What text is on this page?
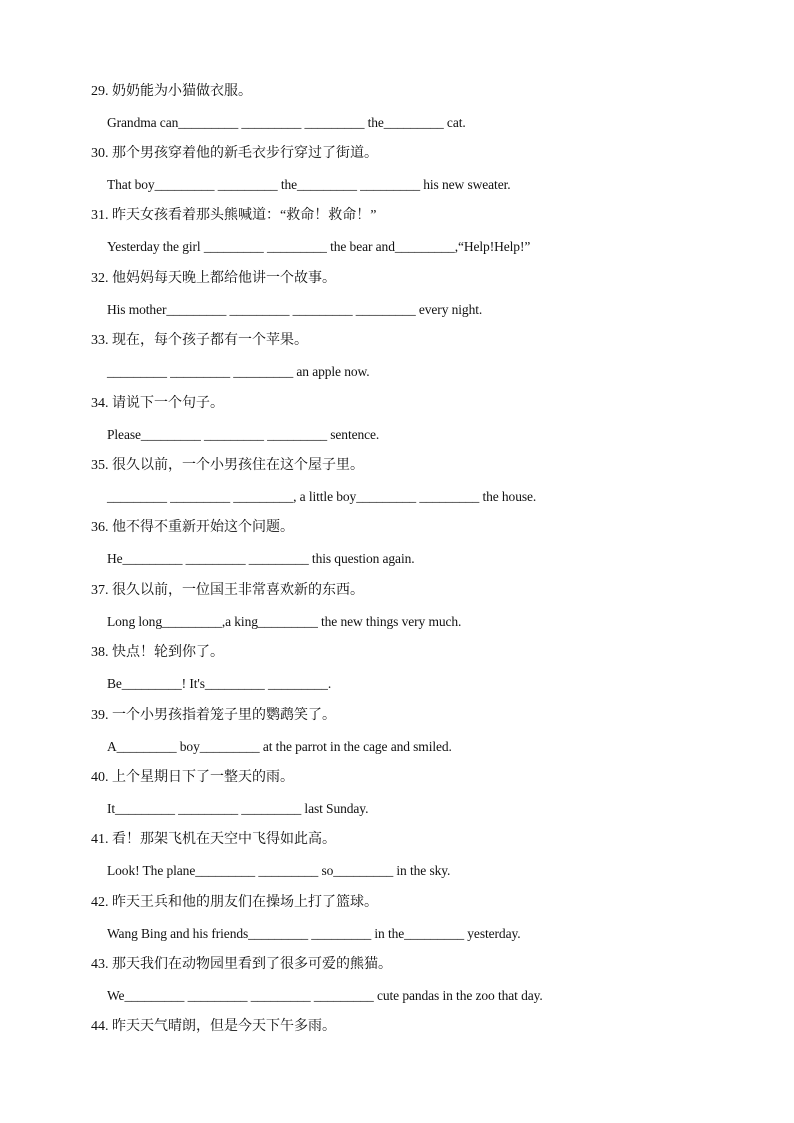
29. 奶奶能为小猫做衣服。
Grandma can_________ _________ _________ the_________ cat.
30. 那个男孩穿着他的新毛衣步行穿过了街道。
That boy_________ _________ the_________ _________ his new sweater.
31. 昨天女孩看着那头熊喊道：“救命！救命！”
Yesterday the girl _________ _________ the bear and_________,“Help!Help!”
32. 他妈妈每天晚上都给他讲一个故事。
His mother_________ _________ _________ _________ every night.
33. 现在，每个孩子都有一个苹果。
_________ _________ _________ an apple now.
34. 请说下一个句子。
Please_________ _________ _________ sentence.
35. 很久以前，一个小男孩住在这个屋子里。
_________ _________ _________, a little boy_________ _________ the house.
36. 他不得不重新开始这个问题。
He_________ _________ _________ this question again.
37. 很久以前，一位国王非常喜欢新的东西。
Long long_________,a king_________ the new things very much.
38. 快点！轮到你了。
Be_________! It's_________ _________.
39. 一个小男孩指着笼子里的鹦鹉笑了。
A_________ boy_________ at the parrot in the cage and smiled.
40. 上个星期日下了一整天的雨。
It_________ _________ _________ last Sunday.
41. 看！那架飞机在天空中飞得如此高。
Look! The plane_________ _________ so_________ in the sky.
42. 昨天王兵和他的朋友们在操场上打了篮球。
Wang Bing and his friends_________ _________ in the_________ yesterday.
43. 那天我们在动物园里看到了很多可爱的熊猫。
We_________ _________ _________ _________ cute pandas in the zoo that day.
44. 昨天天气晴朗，但是今天下午多雨。
